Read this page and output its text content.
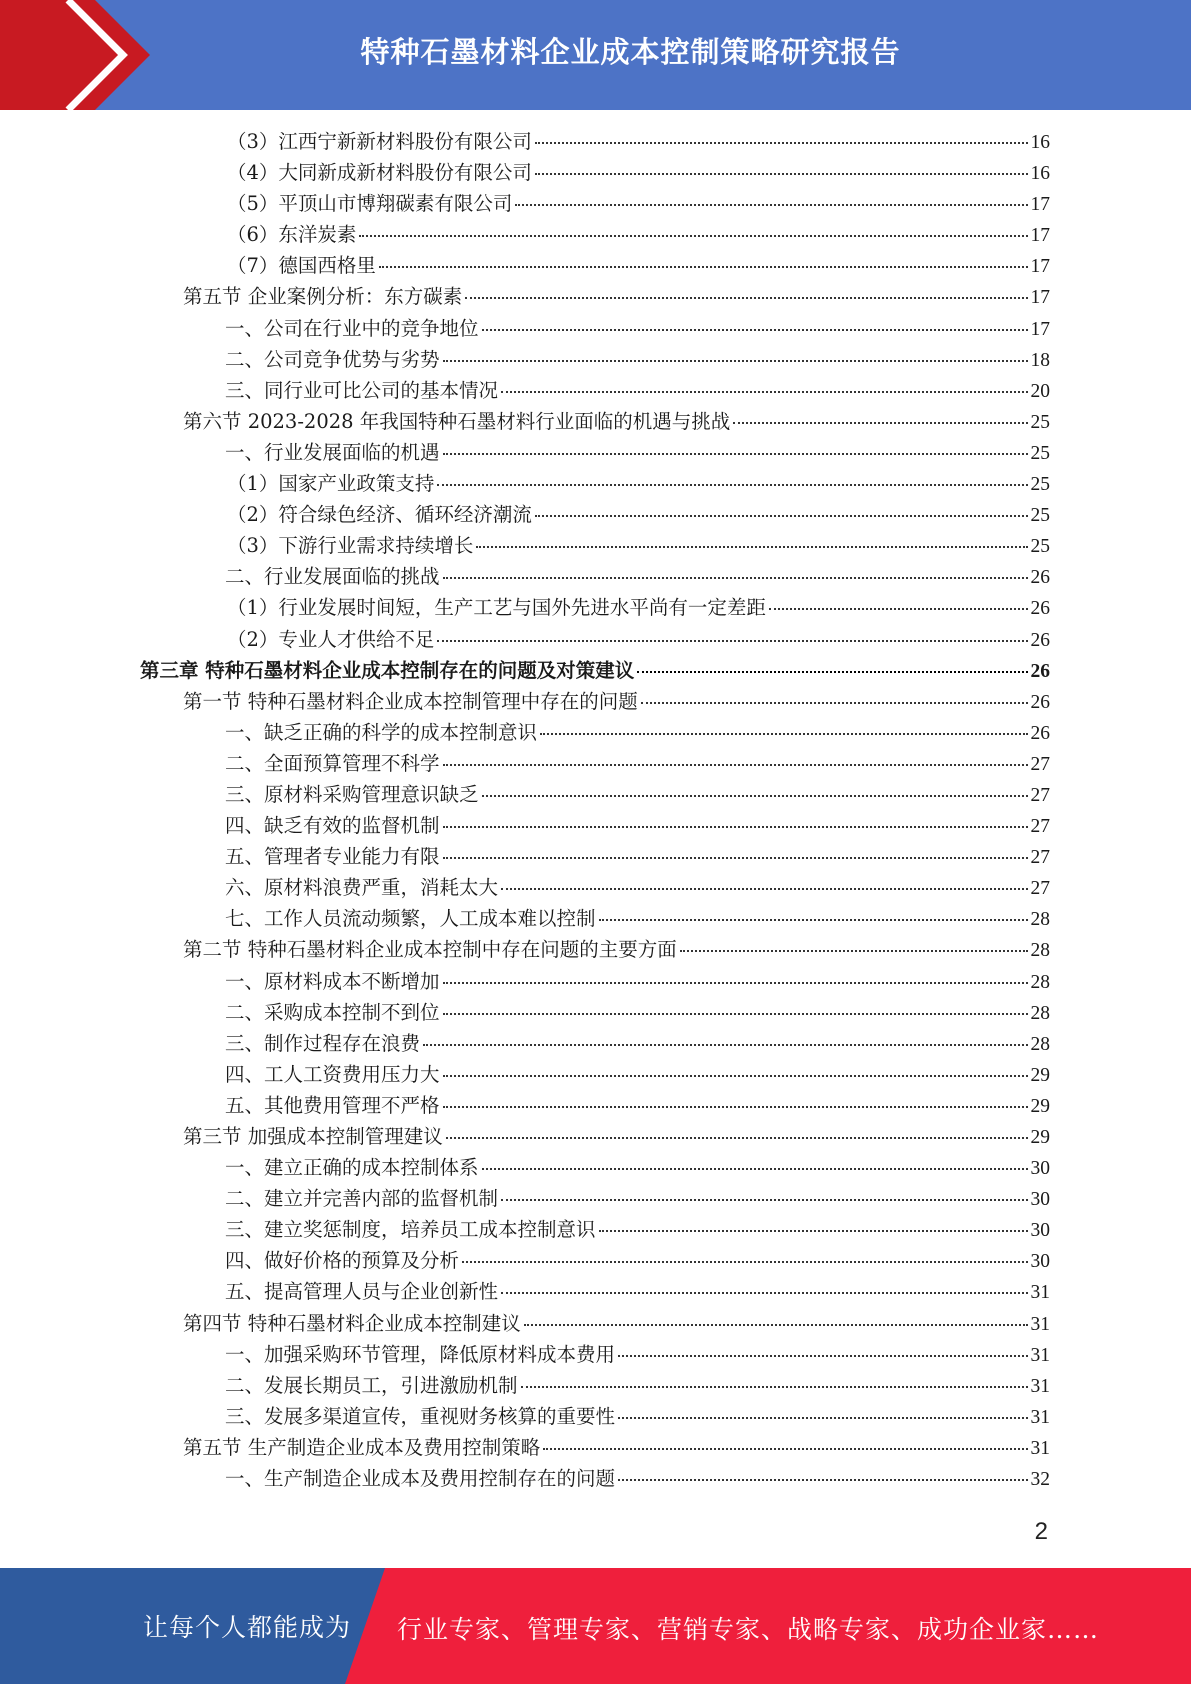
特种石墨材料企业成本控制策略研究报告
（3）江西宁新新材料股份有限公司	16
（4）大同新成新材料股份有限公司	16
（5）平顶山市博翔碳素有限公司	17
（6）东洋炭素	17
（7）德国西格里	17
第五节 企业案例分析：东方碳素	17
一、公司在行业中的竞争地位	17
二、公司竞争优势与劣势	18
三、同行业可比公司的基本情况	20
第六节 2023-2028 年我国特种石墨材料行业面临的机遇与挑战	25
一、行业发展面临的机遇	25
（1）国家产业政策支持	25
（2）符合绿色经济、循环经济潮流	25
（3）下游行业需求持续增长	25
二、行业发展面临的挑战	26
（1）行业发展时间短，生产工艺与国外先进水平尚有一定差距	26
（2）专业人才供给不足	26
第三章 特种石墨材料企业成本控制存在的问题及对策建议	26
第一节 特种石墨材料企业成本控制管理中存在的问题	26
一、缺乏正确的科学的成本控制意识	26
二、全面预算管理不科学	27
三、原材料采购管理意识缺乏	27
四、缺乏有效的监督机制	27
五、管理者专业能力有限	27
六、原材料浪费严重，消耗太大	27
七、工作人员流动频繁，人工成本难以控制	28
第二节 特种石墨材料企业成本控制中存在问题的主要方面	28
一、原材料成本不断增加	28
二、采购成本控制不到位	28
三、制作过程存在浪费	28
四、工人工资费用压力大	29
五、其他费用管理不严格	29
第三节 加强成本控制管理建议	29
一、建立正确的成本控制体系	30
二、建立并完善内部的监督机制	30
三、建立奖惩制度，培养员工成本控制意识	30
四、做好价格的预算及分析	30
五、提高管理人员与企业创新性	31
第四节 特种石墨材料企业成本控制建议	31
一、加强采购环节管理，降低原材料成本费用	31
二、发展长期员工，引进激励机制	31
三、发展多渠道宣传，重视财务核算的重要性	31
第五节 生产制造企业成本及费用控制策略	31
一、生产制造企业成本及费用控制存在的问题	32
2
让每个人都能成为 行业专家、管理专家、营销专家、战略专家、成功企业家……
